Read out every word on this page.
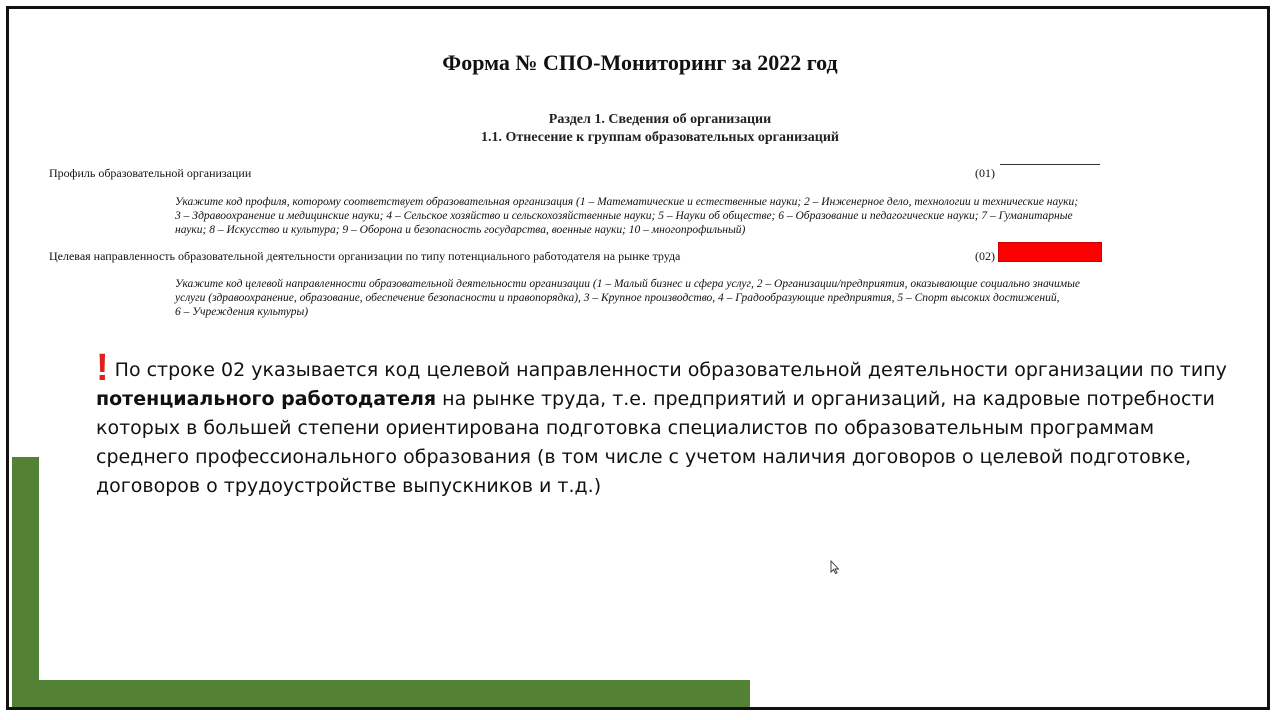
Форма № СПО-Мониторинг за 2022 год
Раздел 1. Сведения об организации
1.1. Отнесение к группам образовательных организаций
Профиль образовательной организации	(01)
Укажите код профиля, которому соответствует образовательная организация (1 – Математические и естественные науки; 2 – Инженерное дело, технологии и технические науки;
3 – Здравоохранение и медицинские науки; 4 – Сельское хозяйство и сельскохозяйственные науки; 5 – Науки об обществе; 6 – Образование и педагогические науки; 7 – Гуманитарные
науки; 8 – Искусство и культура; 9 – Оборона и безопасность государства, военные науки; 10 – многопрофильный)
Целевая направленность образовательной деятельности организации по типу потенциального работодателя на рынке труда	(02)
Укажите код целевой направленности образовательной деятельности организации (1 – Малый бизнес и сфера услуг, 2 – Организации/предприятия, оказывающие социально значимые
услуги (здравоохранение, образование, обеспечение безопасности и правопорядка), 3 – Крупное производство, 4 – Градообразующие предприятия, 5 – Спорт высоких достижений,
6 – Учреждения культуры)
! По строке 02 указывается код целевой направленности образовательной деятельности организации по типу
потенциального работодателя на рынке труда, т.е. предприятий и организаций, на кадровые потребности которых в большей степени ориентирована подготовка специалистов по образовательным программам среднего профессионального образования (в том числе с учетом наличия договоров о целевой подготовке, договоров о трудоустройстве выпускников и т.д.)
